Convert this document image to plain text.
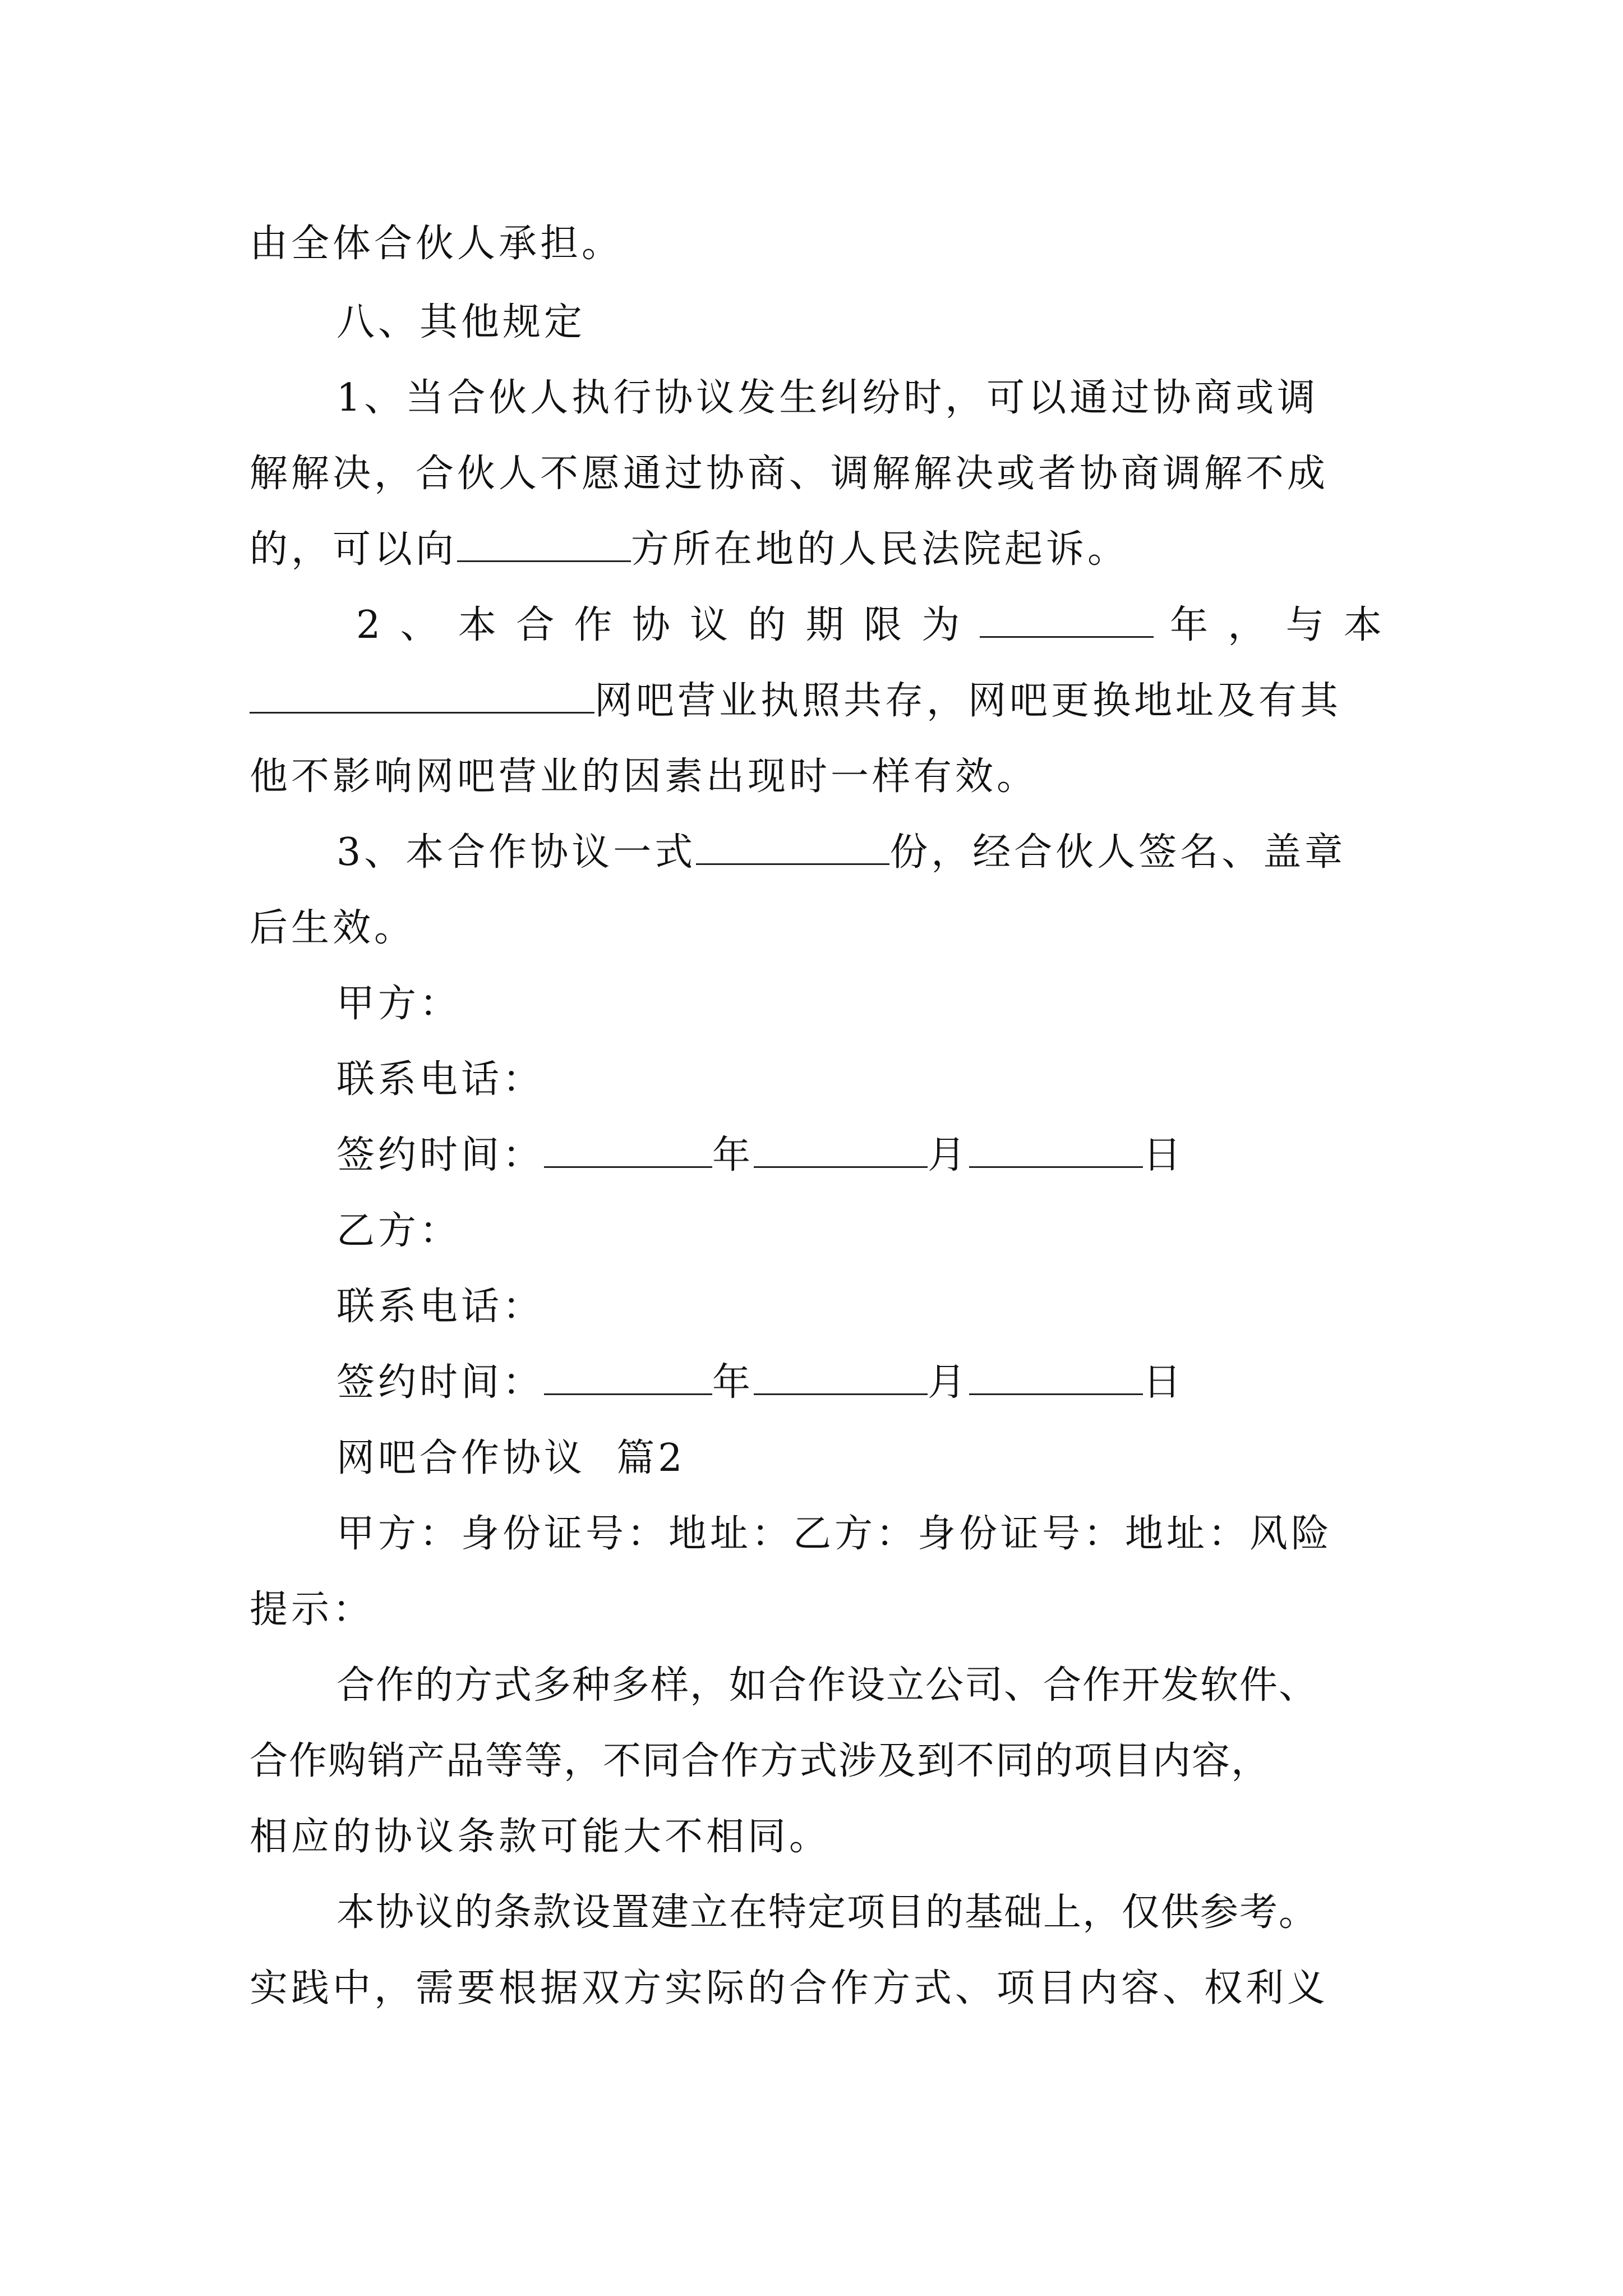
由全体合伙人承担。
八、其他规定
1、当合伙人执行协议发生纠纷时，可以通过协商或调
解解决，合伙人不愿通过协商、调解解决或者协商调解不成
的，可以向	方所在地的人民法院起诉。
2 、 本 合 作 协 议 的 期 限 为	年 ， 与 本
网吧营业执照共存，网吧更换地址及有其
他不影响网吧营业的因素出现时一样有效。
3、本合作协议一式	份，经合伙人签名、盖章
后生效。
甲方：
联系电话：
签约时间：	年	月	日
乙方：
联系电话：
签约时间：	年	月	日
网吧合作协议  篇2
甲方：身份证号：地址：乙方：身份证号：地址：风险
提示：
合作的方式多种多样，如合作设立公司、合作开发软件、
合作购销产品等等，不同合作方式涉及到不同的项目内容，
相应的协议条款可能大不相同。
本协议的条款设置建立在特定项目的基础上，仅供参考。
实践中，需要根据双方实际的合作方式、项目内容、权利义
